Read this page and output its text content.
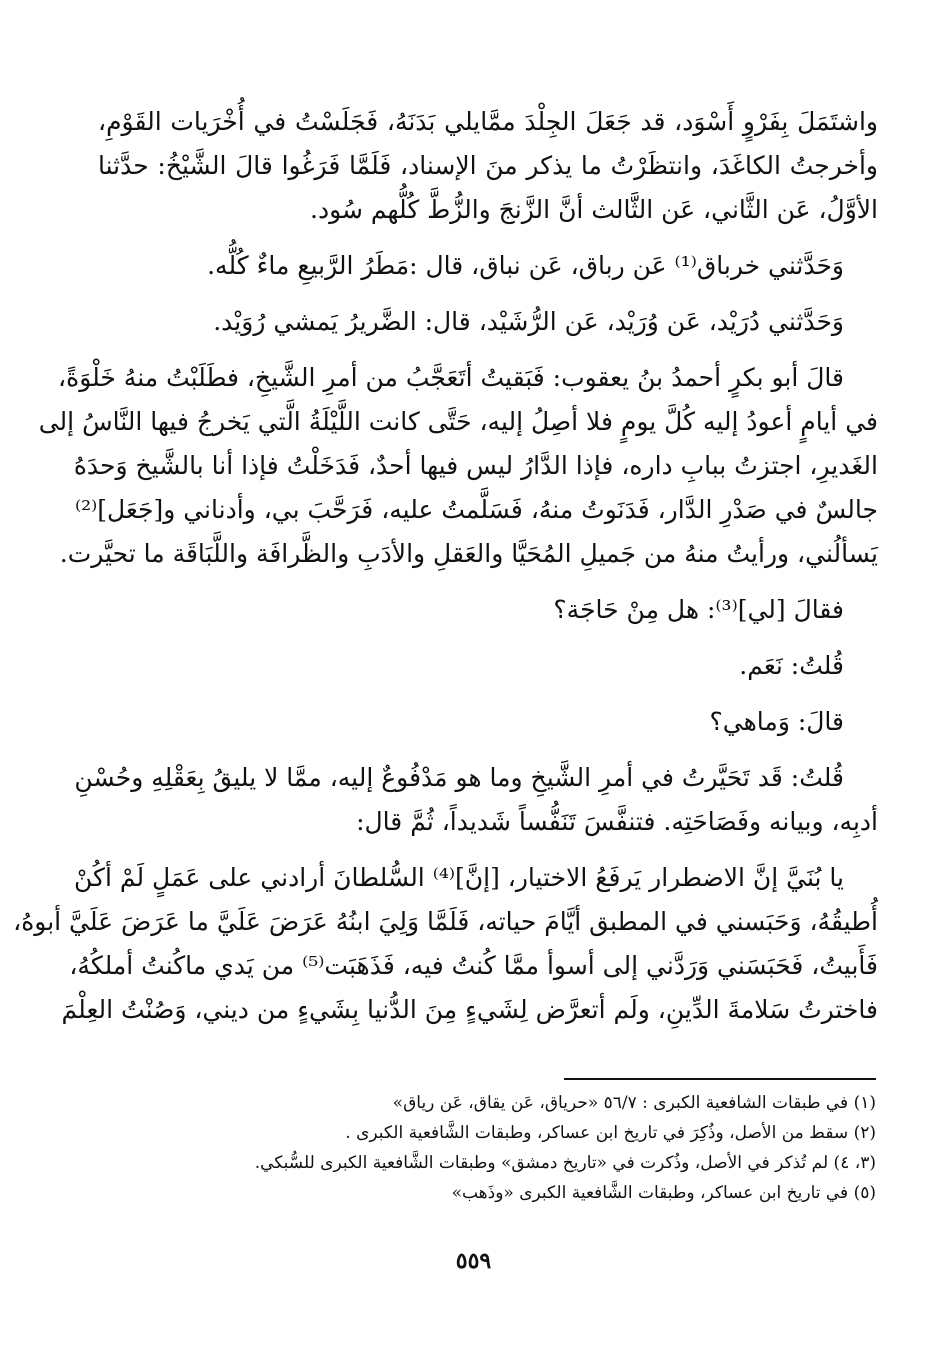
واشتَمَلَ بِفَرْوٍ أَسْوَد، قد جَعَلَ الجِلْدَ ممَّايلي بَدَنَهُ، فَجَلَسْتُ في أُخْرَيات القَوْمِ،
وأخرجتُ الكاغَدَ، وانتظَرْتُ ما يذكر منَ الإسناد، فَلَمَّا فَرَغُوا قالَ الشَّيْخُ: حدَّثنا
الأوَّلُ، عَن الثَّاني، عَن الثَّالث أنَّ الزَّنجَ والزُّطَّ كُلُّهم سُود.
وَحَدَّثني خرباق⁽¹⁾ عَن رباق، عَن نباق، قال :مَطَرُ الرَّبيعِ ماءٌ كُلُّه.
وَحَدَّثني دُرَيْد، عَن وُرَيْد، عَن الرُّشَيْد، قال: الضَّريرُ يَمشي رُوَيْد.
قالَ أبو بكرٍ أحمدُ بنُ يعقوب: فَبَقيتُ أتَعَجَّبُ من أمرِ الشَّيخِ، فطَلَبْتُ منهُ خَلْوَةً،
في أيامٍ أعودُ إليه كُلَّ يومٍ فلا أصِلُ إليه، حَتَّى كانت اللَّيْلَةُ الَّتي يَخرجُ فيها النَّاسُ إلى
الغَديرِ، اجتزتُ ببابِ داره، فإذا الدَّارُ ليس فيها أحدٌ، فَدَخَلْتُ فإذا أنا بالشَّيخ وَحدَهُ
جالسٌ في صَدْرِ الدَّار، فَدَنَوتُ منهُ، فَسَلَّمتُ عليه، فَرَحَّبَ بي، وأدناني و[جَعَل]⁽²⁾
يَسألُني، ورأيتُ منهُ من جَميلِ المُحَيَّا والعَقلِ والأدَبِ والظَّرافَة واللَّبَاقَة ما تحيَّرت.
فقالَ [لي]⁽³⁾: هل مِنْ حَاجَة؟
قُلتُ: نَعَم.
قالَ: وَماهي؟
قُلتُ: قَد تَحَيَّرتُ في أمرِ الشَّيخِ وما هو مَدْفُوعٌ إليه، ممَّا لا يليقُ بِعَقْلِهِ وحُسْنِ
أدبِه، وبيانه وفَصَاحَتِه. فتنفَّسَ تَنَفُّساً شَديداً، ثُمَّ قال:
يا بُنَيَّ إنَّ الاضطرار يَرفَعُ الاختيار، [إنَّ]⁽⁴⁾ السُّلطانَ أرادني على عَمَلٍ لَمْ أكُنْ
أُطيقُهُ، وَحَبَسني في المطبق أيَّامَ حياته، فَلَمَّا وَلِيَ ابنُهُ عَرَضَ عَلَيَّ ما عَرَضَ عَلَيَّ أبوهُ،
فَأَبيتُ، فَحَبَسَني وَرَدَّني إلى أسوأ ممَّا كُنتُ فيه، فَذَهَبَت⁽⁵⁾ من يَدي ماكُنتُ أملكُهُ،
فاخترتُ سَلامةَ الدِّينِ، ولَم أتعرَّض لِشَيءٍ مِنَ الدُّنيا بِشَيءٍ من ديني، وَصُنْتُ العِلْمَ
(١) في طبقات الشافعية الكبرى : ٥٦/٧ «حرياق، عَن يقاق، عَن رياق»
(٢) سقط من الأصل، وذُكِرَ في تاريخ ابن عساكر، وطبقات الشَّافعية الكبرى .
(٣، ٤) لم تُذكر في الأصل، وذُكرت في «تاريخ دمشق» وطبقات الشَّافعية الكبرى للسُّبكي.
(٥) في تاريخ ابن عساكر، وطبقات الشَّافعية الكبرى «وذَهب»
٥٥٩
